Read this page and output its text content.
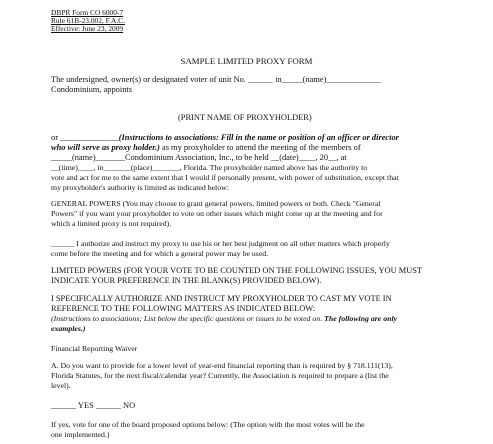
DBPR Form CO 6000-7
Rule 61B-23.002, F.A.C.
Effective: June 23, 2009
SAMPLE LIMITED PROXY FORM
The undersigned, owner(s) or designated voter of unit No. ______ in_____(name)_____________
Condominium, appoints
(PRINT NAME OF PROXYHOLDER)
or ______________(Instructions to associations: Fill in the name or position of an officer or director
who will serve as proxy holder.) as my proxyholder to attend the meeting of the members of
_____(name)_______Condominium Association, Inc., to be held __(date)____, 20__, at
__(time)____, in_______(place)_______, Florida. The proxyholder named above has the authority to
vote and act for me to the same extent that I would if personally present, with power of substitution, except that
my proxyholder's authority is limited as indicated below:
GENERAL POWERS (You may choose to grant general powers, limited powers or both. Check "General
Powers" if you want your proxyholder to vote on other issues which might come up at the meeting and for
which a limited proxy is not required).
______ I authorize and instruct my proxy to use his or her best judgment on all other matters which properly
come before the meeting and for which a general power may be used.
LIMITED POWERS (FOR YOUR VOTE TO BE COUNTED ON THE FOLLOWING ISSUES, YOU MUST
INDICATE YOUR PREFERENCE IN THE BLANK(S) PROVIDED BELOW).
I SPECIFICALLY AUTHORIZE AND INSTRUCT MY PROXYHOLDER TO CAST MY VOTE IN
REFERENCE TO THE FOLLOWING MATTERS AS INDICATED BELOW:
(Instructions to associations; List below the specific questions or issues to be voted on. The following are only
examples.)
Financial Reporting Waiver
A. Do you want to provide for a lower level of year-end financial reporting than is required by § 718.111(13),
Florida Statutes, for the next fiscal/calendar year? Currently, the Association is required to prepare a (list the
level).
______ YES ______ NO
If yes, vote for one of the board proposed options below: (The option with the most votes will be the
one implemented.)
